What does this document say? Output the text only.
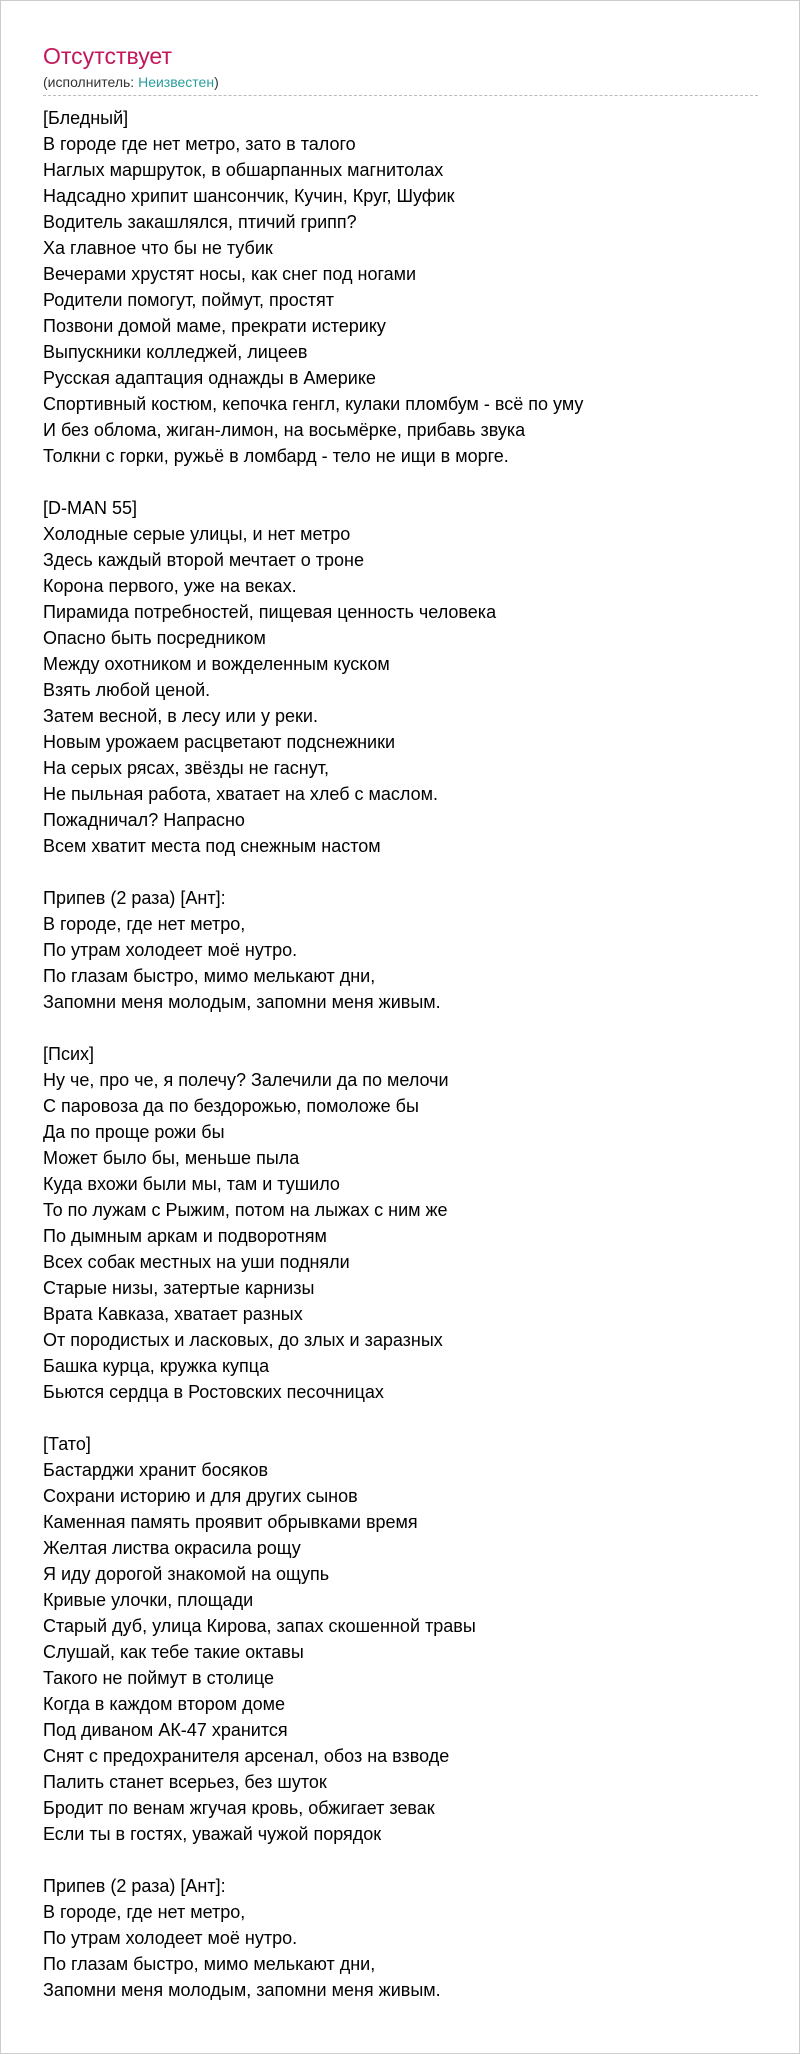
Отсутствует
(исполнитель: Неизвестен)
[Бледный]
В городе где нет метро, зато в талого
Наглых маршруток, в обшарпанных магнитолах
Надсадно хрипит шансончик, Кучин, Круг, Шуфик
Водитель закашлялся, птичий грипп?
Ха главное что бы не тубик
Вечерами хрустят носы, как снег под ногами
Родители помогут, поймут, простят
Позвони домой маме, прекрати истерику
Выпускники колледжей, лицеев
Русская адаптация однажды в Америке
Спортивный костюм, кепочка генгл, кулаки пломбум - всё по уму
И без облома, жиган-лимон, на восьмёрке, прибавь звука
Толкни с горки, ружьё в ломбард - тело не ищи в морге.
[D-MAN 55]
Холодные серые улицы, и нет метро
Здесь каждый второй мечтает о троне
Корона первого, уже на веках.
Пирамида потребностей, пищевая ценность человека
Опасно быть посредником
Между охотником и вожделенным куском
Взять любой ценой.
Затем весной, в лесу или у реки.
Новым урожаем расцветают подснежники
На серых рясах, звёзды не гаснут,
Не пыльная работа, хватает на хлеб с маслом.
Пожадничал? Напрасно
Всем хватит места под снежным настом
Припев (2 раза) [Ант]:
В городе, где нет метро,
По утрам холодеет моё нутро.
По глазам быстро, мимо мелькают дни,
Запомни меня молодым, запомни меня живым.
[Псих]
Ну че, про че, я полечу? Залечили да по мелочи
С паровоза да по бездорожью, помоложе бы
Да по проще рожи бы
Может было бы, меньше пыла
Куда вхожи были мы, там и тушило
То по лужам с Рыжим, потом на лыжах с ним же
По дымным аркам и подворотням
Всех собак местных на уши подняли
Старые низы, затертые карнизы
Врата Кавказа, хватает разных
От породистых и ласковых, до злых и заразных
Башка курца, кружка купца
Бьются сердца в Ростовских песочницах
[Тато]
Бастарджи хранит босяков
Сохрани историю и для других сынов
Каменная память проявит обрывками время
Желтая листва окрасила рощу
Я иду дорогой знакомой на ощупь
Кривые улочки, площади
Старый дуб, улица Кирова, запах скошенной травы
Слушай, как тебе такие октавы
Такого не поймут в столице
Когда в каждом втором доме
Под диваном АК-47 хранится
Снят с предохранителя арсенал, обоз на взводе
Палить станет всерьез, без шуток
Бродит по венам жгучая кровь, обжигает зевак
Если ты в гостях, уважай чужой порядок
Припев (2 раза) [Ант]:
В городе, где нет метро,
По утрам холодеет моё нутро.
По глазам быстро, мимо мелькают дни,
Запомни меня молодым, запомни меня живым.
